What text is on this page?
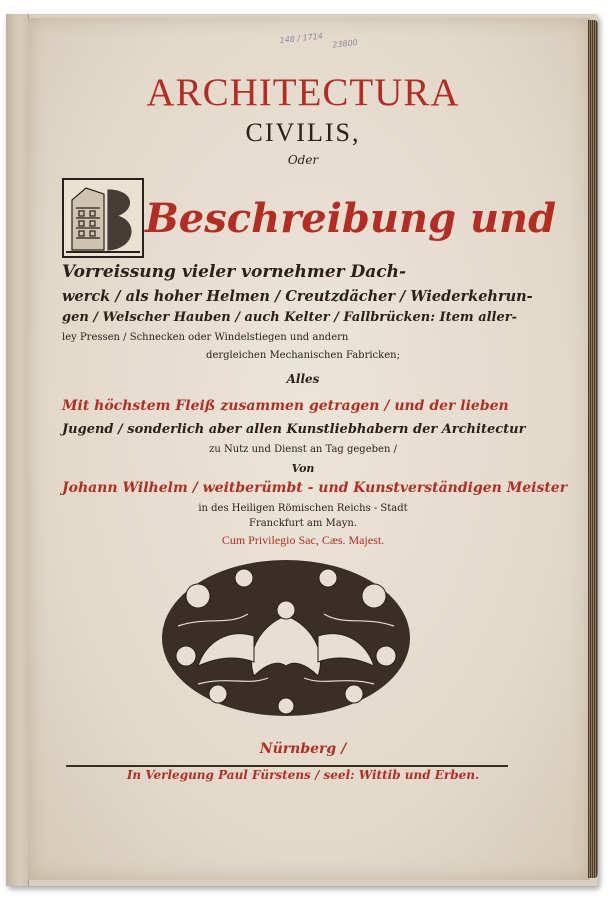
148 / 1714	23800
ARCHITECTURA
CIVILIS,
Oder
Beschreibung und
Vorreissung vieler vornehmer Dach-
werck / als hoher Helmen / Creutzdächer / Wiederkehrun-
gen / Welscher Hauben / auch Kelter / Fallbrücken: Item aller-
ley Pressen / Schnecken oder Windelstiegen und andern
dergleichen Mechanischen Fabricken;
Alles
Mit höchstem Fleiß zusammen getragen / und der lieben
Jugend / sonderlich aber allen Kunstliebhabern der Architectur
zu Nutz und Dienst an Tag gegeben /
Von
Johann Wilhelm / weitberümbt - und Kunstverständigen Meister
in des Heiligen Römischen Reichs - Stadt
Franckfurt am Mayn.
Cum Privilegio Sac, Cæs. Majest.
Nürnberg /
In Verlegung Paul Fürstens / seel: Wittib und Erben.
